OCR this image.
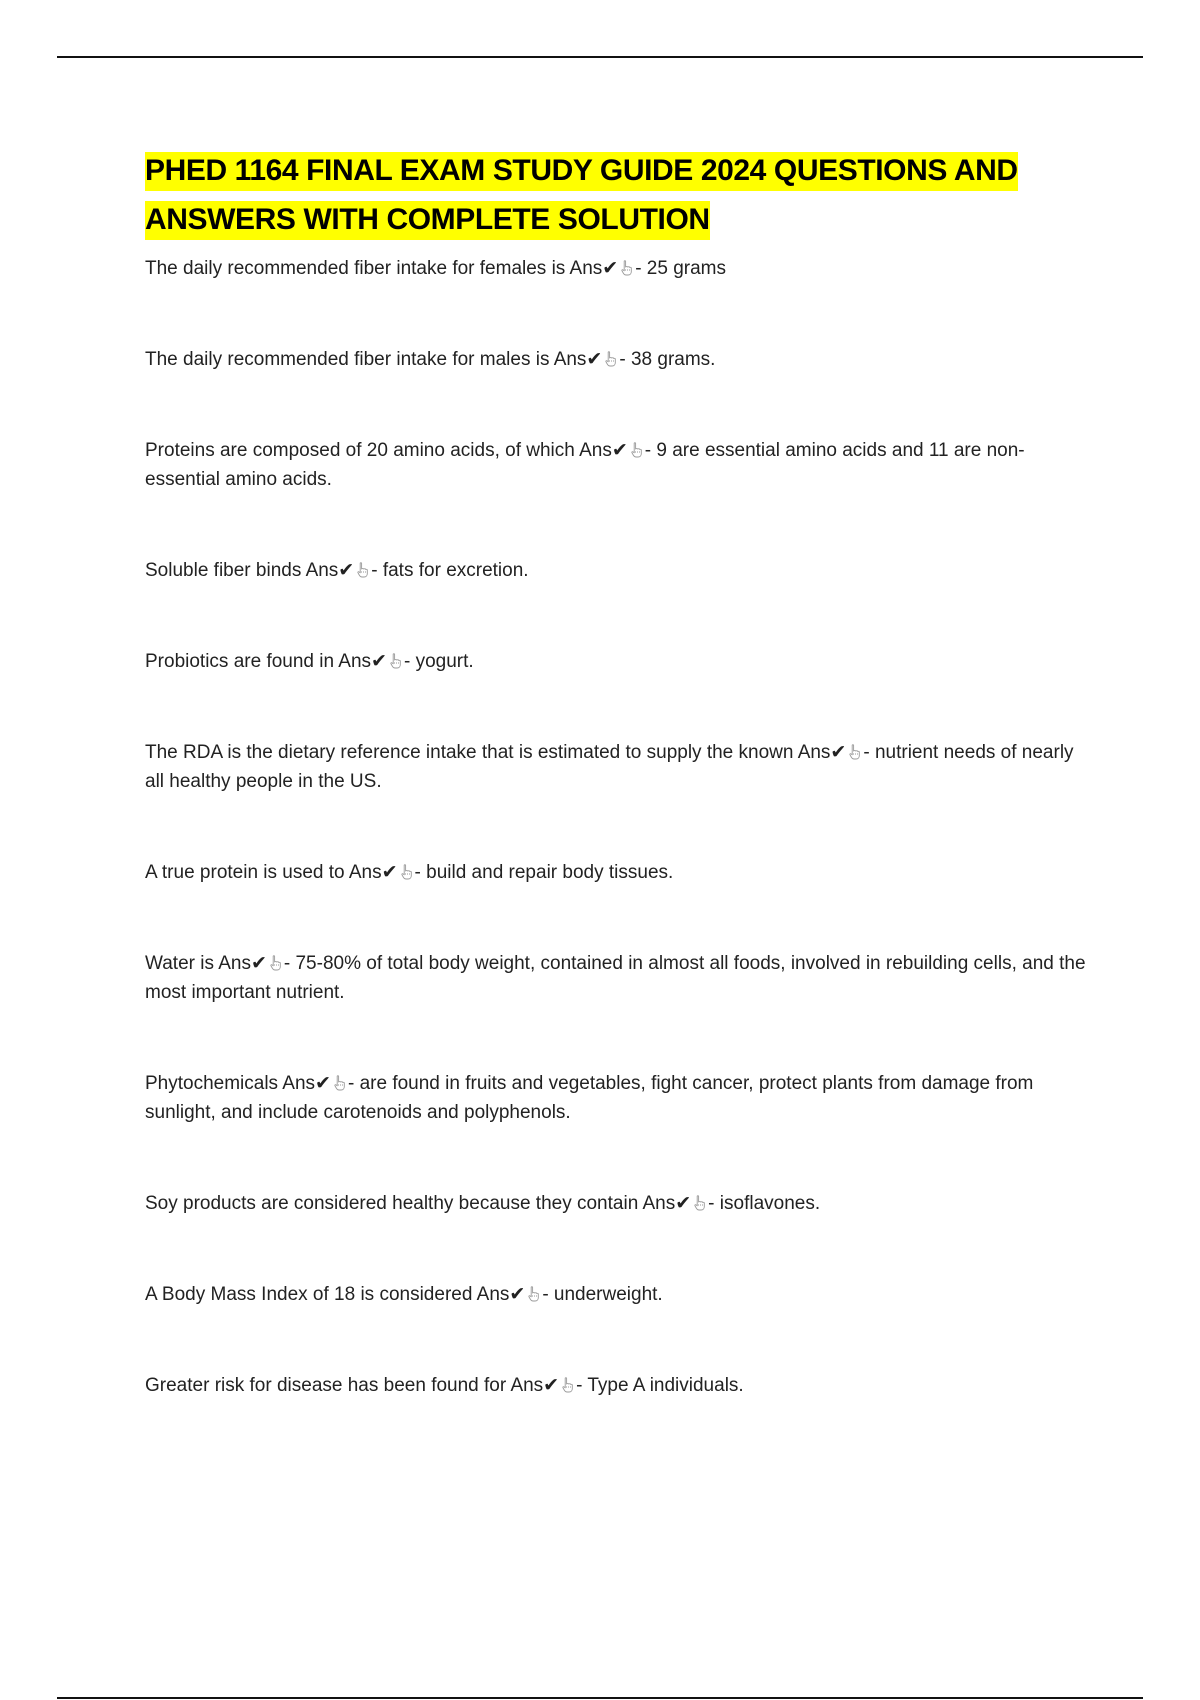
PHED 1164 FINAL EXAM STUDY GUIDE 2024 QUESTIONS AND ANSWERS WITH COMPLETE SOLUTION

The daily recommended fiber intake for females is Ans✔ - 25 grams

The daily recommended fiber intake for males is Ans✔ - 38 grams.

Proteins are composed of 20 amino acids, of which Ans✔ - 9 are essential amino acids and 11 are non-essential amino acids.

Soluble fiber binds Ans✔ - fats for excretion.

Probiotics are found in Ans✔ - yogurt.

The RDA is the dietary reference intake that is estimated to supply the known Ans✔ - nutrient needs of nearly all healthy people in the US.

A true protein is used to Ans✔ - build and repair body tissues.

Water is Ans✔ - 75-80% of total body weight, contained in almost all foods, involved in rebuilding cells, and the most important nutrient.

Phytochemicals Ans✔ - are found in fruits and vegetables, fight cancer, protect plants from damage from sunlight, and include carotenoids and polyphenols.

Soy products are considered healthy because they contain Ans✔ - isoflavones.

A Body Mass Index of 18 is considered Ans✔ - underweight.

Greater risk for disease has been found for Ans✔ - Type A individuals.
